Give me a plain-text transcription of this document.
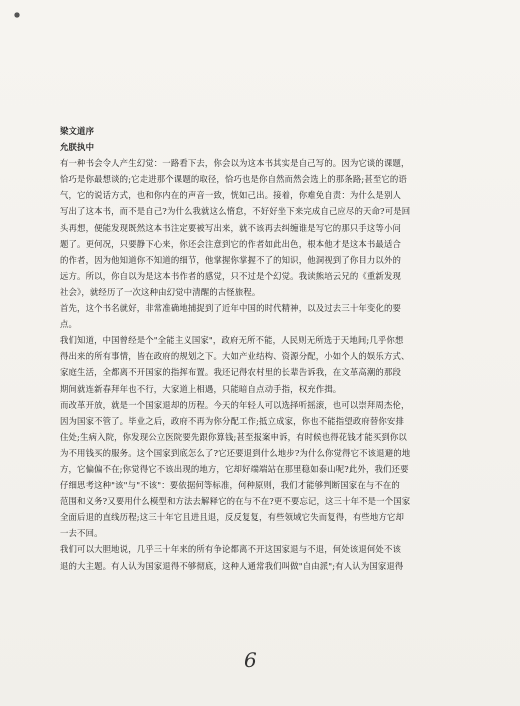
梁文道序
允朕执中
有一种书会令人产生幻觉：一路看下去，你会以为这本书其实是自己写的。因为它谈的课题，
恰巧是你最想谈的;它走进那个课题的取径，恰巧也是你自然而然会选上的那条路;甚至它的语
气，它的说话方式，也和你内在的声音一致，恍如己出。接着，你难免自责：为什么是别人
写出了这本书，而不是自己?为什么我就这么惰怠，不好好坐下来完成自己应尽的天命?可是回
头再想，便能发现既然这本书注定要被写出来，就不该再去纠缠谁是写它的那只手这等小问
题了。更何况，只要静下心来，你还会注意到它的作者如此出色，根本他才是这本书最适合
的作者，因为他知道你不知道的细节，他掌握你掌握不了的知识，他洞视到了你目力以外的
远方。所以，你自以为是这本书作者的感觉，只不过是个幻觉。我读熊培云兄的《重新发现
社会》，就经历了一次这种由幻觉中清醒的古怪旅程。
首先，这个书名就好，非常准确地捕捉到了近年中国的时代精神，以及过去三十年变化的要
点。
我们知道，中国曾经是个"全能主义国家"，政府无所不能，人民则无所选于天地间;几乎你想
得出来的所有事情，皆在政府的规划之下。大如产业结构、资源分配，小如个人的娱乐方式、
家庭生活，全都离不开国家的指挥布置。我还记得农村里的长辈告诉我，在文革高潮的那段
期间就连新春拜年也不行，大家道上相遇，只能暗自点动手指，权充作揖。
而改革开放，就是一个国家退却的历程。今天的年轻人可以选择听摇滚，也可以崇拜周杰伦，
因为国家不管了。毕业之后，政府不再为你分配工作;抵立成家，你也不能指望政府替你安排
住处;生病入院，你发现公立医院要先跟你算钱;甚至报案申诉，有时候也得花钱才能买到你以
为不用钱买的服务。这个国家到底怎么了?它还要退到什么地步?为什么你觉得它不该退避的地
方，它偏偏不在;你觉得它不该出现的地方，它却好端端站在那里稳如泰山呢?此外，我们还要
仔细思考这种"该"与"不该"：要依据何等标准，何种原则，我们才能够判断国家在与不在的
范围和义务?又要用什么模型和方法去解释它的在与不在?更不要忘记，这三十年不是一个国家
全面后退的直线历程;这三十年它且进且退，反反复复，有些领域它失而复得，有些地方它却
一去不回。
我们可以大胆地说，几乎三十年来的所有争论都离不开这国家退与不退，何处该退何处不该
退的大主题。有人认为国家退得不够彻底，这种人通常我们叫做"自由派";有人认为国家退得
6
